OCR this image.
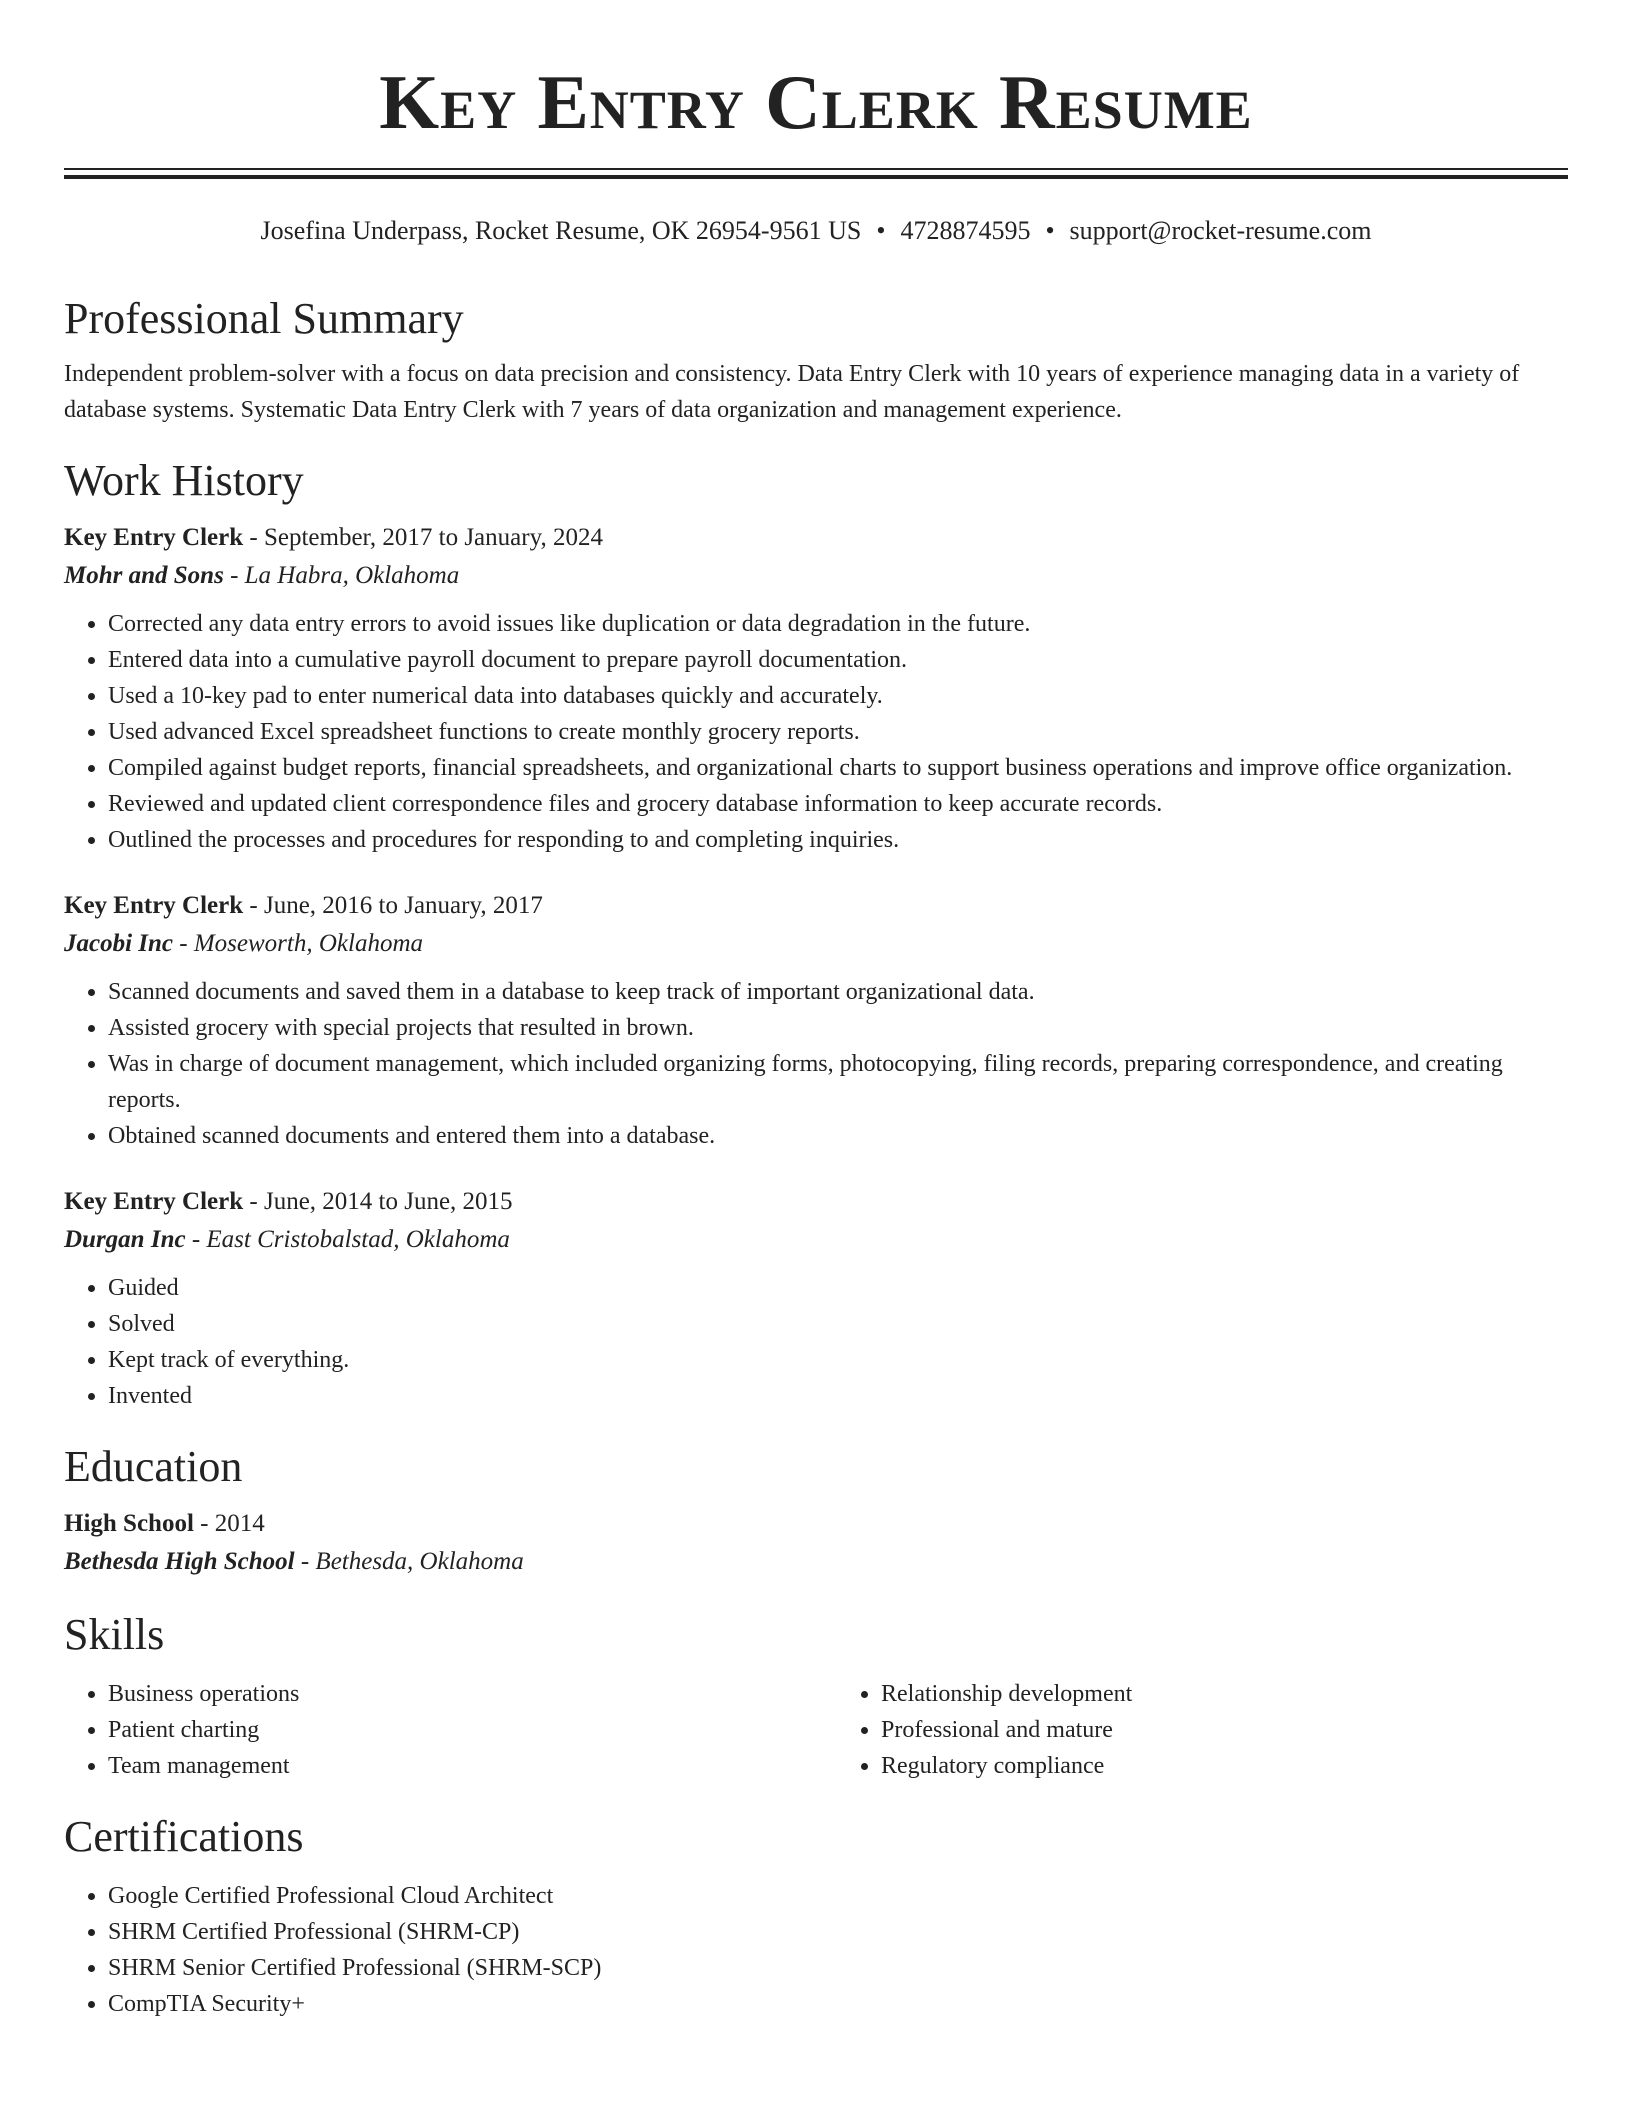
Key Entry Clerk Resume
Josefina Underpass, Rocket Resume, OK 26954-9561 US • 4728874595 • support@rocket-resume.com
Professional Summary

Independent problem-solver with a focus on data precision and consistency. Data Entry Clerk with 10 years of experience managing data in a variety of database systems. Systematic Data Entry Clerk with 7 years of data organization and management experience.

Work History

Key Entry Clerk - September, 2017 to January, 2024

Mohr and Sons - La Habra, Oklahoma

• Corrected any data entry errors to avoid issues like duplication or data degradation in the future.
• Entered data into a cumulative payroll document to prepare payroll documentation.
• Used a 10-key pad to enter numerical data into databases quickly and accurately.
• Used advanced Excel spreadsheet functions to create monthly grocery reports.
• Compiled against budget reports, financial spreadsheets, and organizational charts to support business operations and improve office organization.
• Reviewed and updated client correspondence files and grocery database information to keep accurate records.
• Outlined the processes and procedures for responding to and completing inquiries.

Key Entry Clerk - June, 2016 to January, 2017

Jacobi Inc - Moseworth, Oklahoma

• Scanned documents and saved them in a database to keep track of important organizational data.
• Assisted grocery with special projects that resulted in brown.
• Was in charge of document management, which included organizing forms, photocopying, filing records, preparing correspondence, and creating reports.
• Obtained scanned documents and entered them into a database.

Key Entry Clerk - June, 2014 to June, 2015

Durgan Inc - East Cristobalstad, Oklahoma

• Guided
• Solved
• Kept track of everything.
• Invented
Education

High School - 2014

Bethesda High School - Bethesda, Oklahoma

Skills
• Business operations
• Patient charting
• Team management
• Relationship development
• Professional and mature
• Regulatory compliance
Certifications
• Google Certified Professional Cloud Architect
• SHRM Certified Professional (SHRM-CP)
• SHRM Senior Certified Professional (SHRM-SCP)
• CompTIA Security+
